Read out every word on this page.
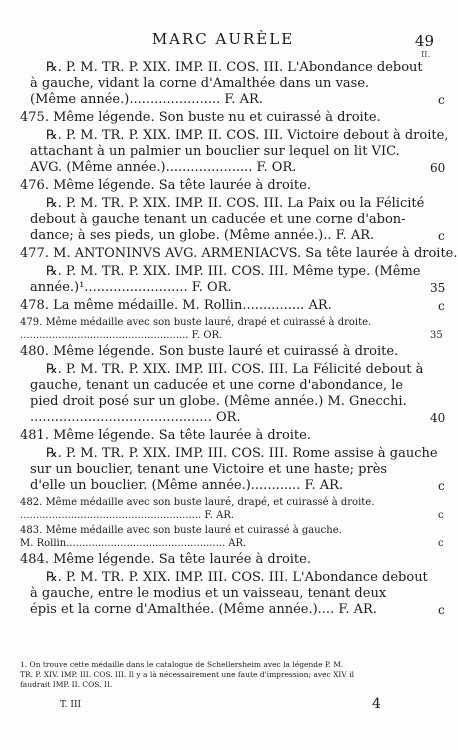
MARC AURÈLE	49
II.
℞. P. M. TR. P. XIX. IMP. II. COS. III. L'Abondance debout
à gauche, vidant la corne d'Amalthée dans un vase.
(Même année.)...................... F. AR.	c
475. Même légende. Son buste nu et cuirassé à droite.
℞. P. M. TR. P. XIX. IMP. II. COS. III. Victoire debout à droite,
attachant à un palmier un bouclier sur lequel on lit VIC.
AVG. (Même année.)..................... F. OR.	60
476. Même légende. Sa tête laurée à droite.
℞. P. M. TR. P. XIX. IMP. II. COS. III. La Paix ou la Félicité
debout à gauche tenant un caducée et une corne d'abon-
dance; à ses pieds, un globe. (Même année.).. F. AR.	c
477. M. ANTONINVS AVG. ARMENIACVS. Sa tête laurée à droite.
℞. P. M. TR. P. XIX. IMP. III. COS. III. Même type. (Même
année.)¹......................... F. OR.	35
478. La même médaille. M. Rollin............... AR.	c
479. Même médaille avec son buste lauré, drapé et cuirassé à droite.
..................................................... F. OR.	35
480. Même légende. Son buste lauré et cuirassé à droite.
℞. P. M. TR. P. XIX. IMP. III. COS. III. La Félicité debout à
gauche, tenant un caducée et une corne d'abondance, le
pied droit posé sur un globe. (Même année.) M. Gnecchi.
............................................ OR.	40
481. Même légende. Sa tête laurée à droite.
℞. P. M. TR. P. XIX. IMP. III. COS. III. Rome assise à gauche
sur un bouclier, tenant une Victoire et une haste; près
d'elle un bouclier. (Même année.)............ F. AR.	c
482. Même médaille avec son buste lauré, drapé, et cuirassé à droite.
......................................................... F. AR.	c
483. Même médaille avec son buste lauré et cuirassé à gauche.
M. Rollin.................................................. AR.	c
484. Même légende. Sa tête laurée à droite.
℞. P. M. TR. P. XIX. IMP. III. COS. III. L'Abondance debout
à gauche, entre le modius et un vaisseau, tenant deux
épis et la corne d'Amalthée. (Même année.).... F. AR.	c
1. On trouve cette médaille dans le catalogue de Schellersheim avec la légende P. M.
TR. P. XIV. IMP. III. COS. III. Il y a là nécessairement une faute d'impression; avec XIV il
faudrait IMP. II. COS. II.
T. III	4
